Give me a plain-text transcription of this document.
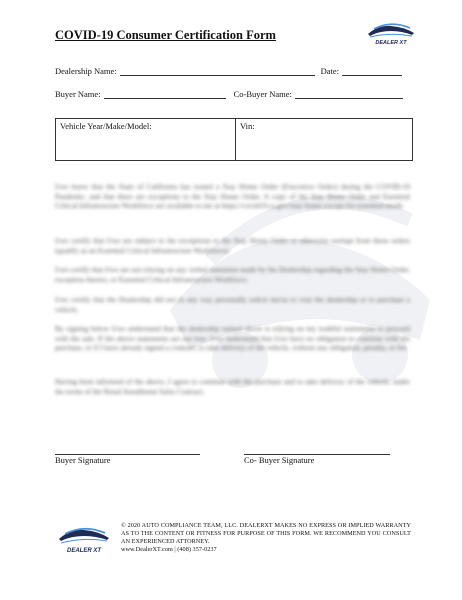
COVID-19 Consumer Certification Form
DEALER XT
Dealership Name:	Date:
Buyer Name:	Co-Buyer Name:
Vehicle Year/Make/Model:	Vin:
I/we know that the State of California has issued a Stay Home Order (Executive Order) during the COVID-19 Pandemic, and that there are exceptions to the Stay Home Order. A copy of the Stay Home Order and Essential Critical Infrastructure Workforce are available to me at https://covid19.ca.gov/stay-home-except-for-essential-needs
I/we certify that I/we are subject to the exceptions to the Stay Home Order or otherwise exempt from these orders (qualify as an Essential Critical Infrastructure Workforce).
I/we certify that I/we are not relying on any verbal statement made by the Dealership regarding the Stay Home Order, exception thereto, or Essential Critical Infrastructure Workforce.
I/we certify that the Dealership did not in any way personally solicit me/us to visit the dealership or to purchase a vehicle.
By signing below I/we understand that the dealership named above is relying on my truthful statements to proceed with the sale. If the above statements are not true, I/we understand that I/we have no obligation to continue with the purchase, or if I have already signed a contract, to take delivery of the vehicle, without any obligation, penalty, or fee.
Having been informed of the above, I agree to continue with the purchase and to take delivery of the vehicle, under the terms of the Retail Installment Sales Contract.
Buyer Signature	Co- Buyer Signature
DEALER XT
© 2020 AUTO COMPLIANCE TEAM, LLC. DEALERXT MAKES NO EXPRESS OR IMPLIED WARRANTY AS TO THE CONTENT OR FITNESS FOR PURPOSE OF THIS FORM. WE RECOMMEND YOU CONSULT AN EXPERIENCED ATTORNEY.
www.DealerXT.com | (408) 357-0237
